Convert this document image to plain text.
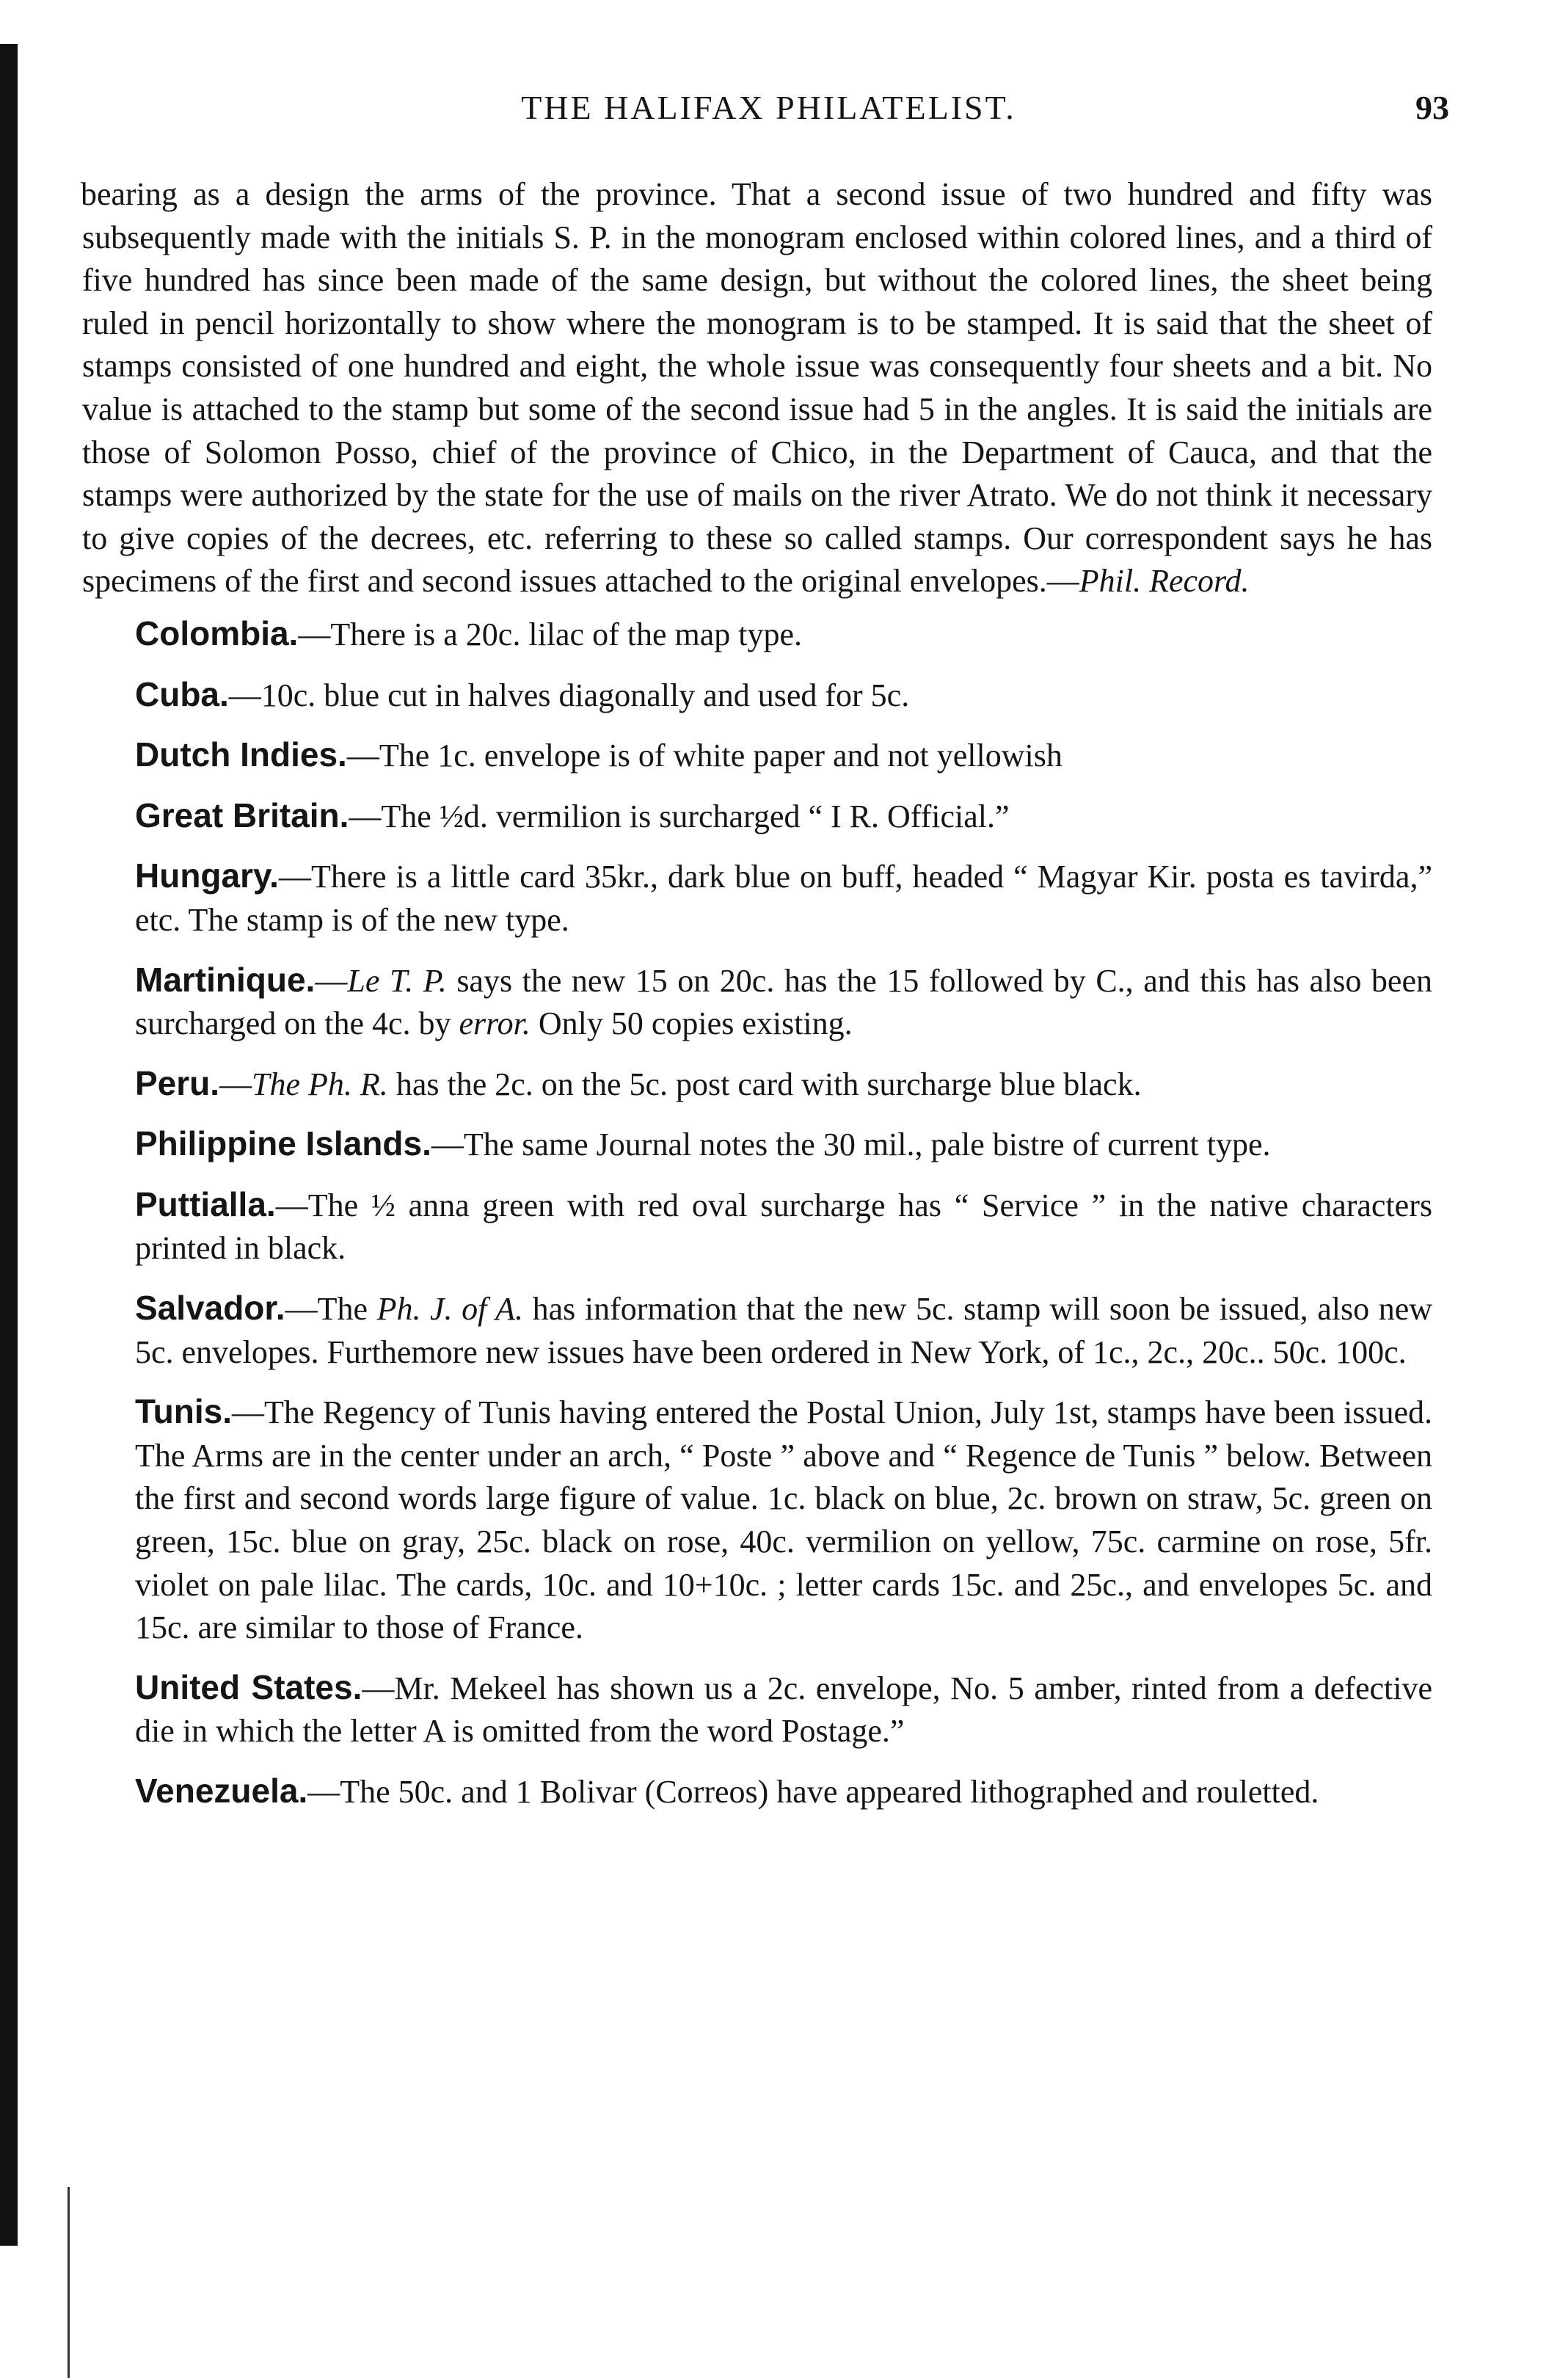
THE HALIFAX PHILATELIST.	93

bearing as a design the arms of the province. That a second issue of two hundred and fifty was subsequently made with the initials S. P. in the monogram enclosed within colored lines, and a third of five hundred has since been made of the same design, but without the colored lines, the sheet being ruled in pencil horizontally to show where the monogram is to be stamped. It is said that the sheet of stamps consisted of one hundred and eight, the whole issue was consequently four sheets and a bit. No value is attached to the stamp but some of the second issue had 5 in the angles. It is said the initials are those of Solomon Posso, chief of the province of Chico, in the Department of Cauca, and that the stamps were authorized by the state for the use of mails on the river Atrato. We do not think it necessary to give copies of the decrees, etc. referring to these so called stamps. Our correspondent says he has specimens of the first and second issues attached to the original envelopes.—Phil. Record.

Colombia.—There is a 20c. lilac of the map type.

Cuba.—10c. blue cut in halves diagonally and used for 5c.

Dutch Indies.—The 1c. envelope is of white paper and not yellowish

Great Britain.—The ½d. vermilion is surcharged “ I R. Official.”

Hungary.—There is a little card 35kr., dark blue on buff, headed “ Magyar Kir. posta es tavirda,” etc. The stamp is of the new type.

Martinique.—Le T. P. says the new 15 on 20c. has the 15 followed by C., and this has also been surcharged on the 4c. by error. Only 50 copies existing.

Peru.—The Ph. R. has the 2c. on the 5c. post card with surcharge blue black.

Philippine Islands.—The same Journal notes the 30 mil., pale bistre of current type.

Puttialla.—The ½ anna green with red oval surcharge has “ Service ” in the native characters printed in black.

Salvador.—The Ph. J. of A. has information that the new 5c. stamp will soon be issued, also new 5c. envelopes. Furthemore new issues have been ordered in New York, of 1c., 2c., 20c.. 50c. 100c.

Tunis.—The Regency of Tunis having entered the Postal Union, July 1st, stamps have been issued. The Arms are in the center under an arch, “ Poste ” above and “ Regence de Tunis ” below. Between the first and second words large figure of value. 1c. black on blue, 2c. brown on straw, 5c. green on green, 15c. blue on gray, 25c. black on rose, 40c. vermilion on yellow, 75c. carmine on rose, 5fr. violet on pale lilac. The cards, 10c. and 10+10c. ; letter cards 15c. and 25c., and envelopes 5c. and 15c. are similar to those of France.

United States.—Mr. Mekeel has shown us a 2c. envelope, No. 5 amber, rinted from a defective die in which the letter A is omitted from the word Postage.”

Venezuela.—The 50c. and 1 Bolivar (Correos) have appeared lithographed and rouletted.
